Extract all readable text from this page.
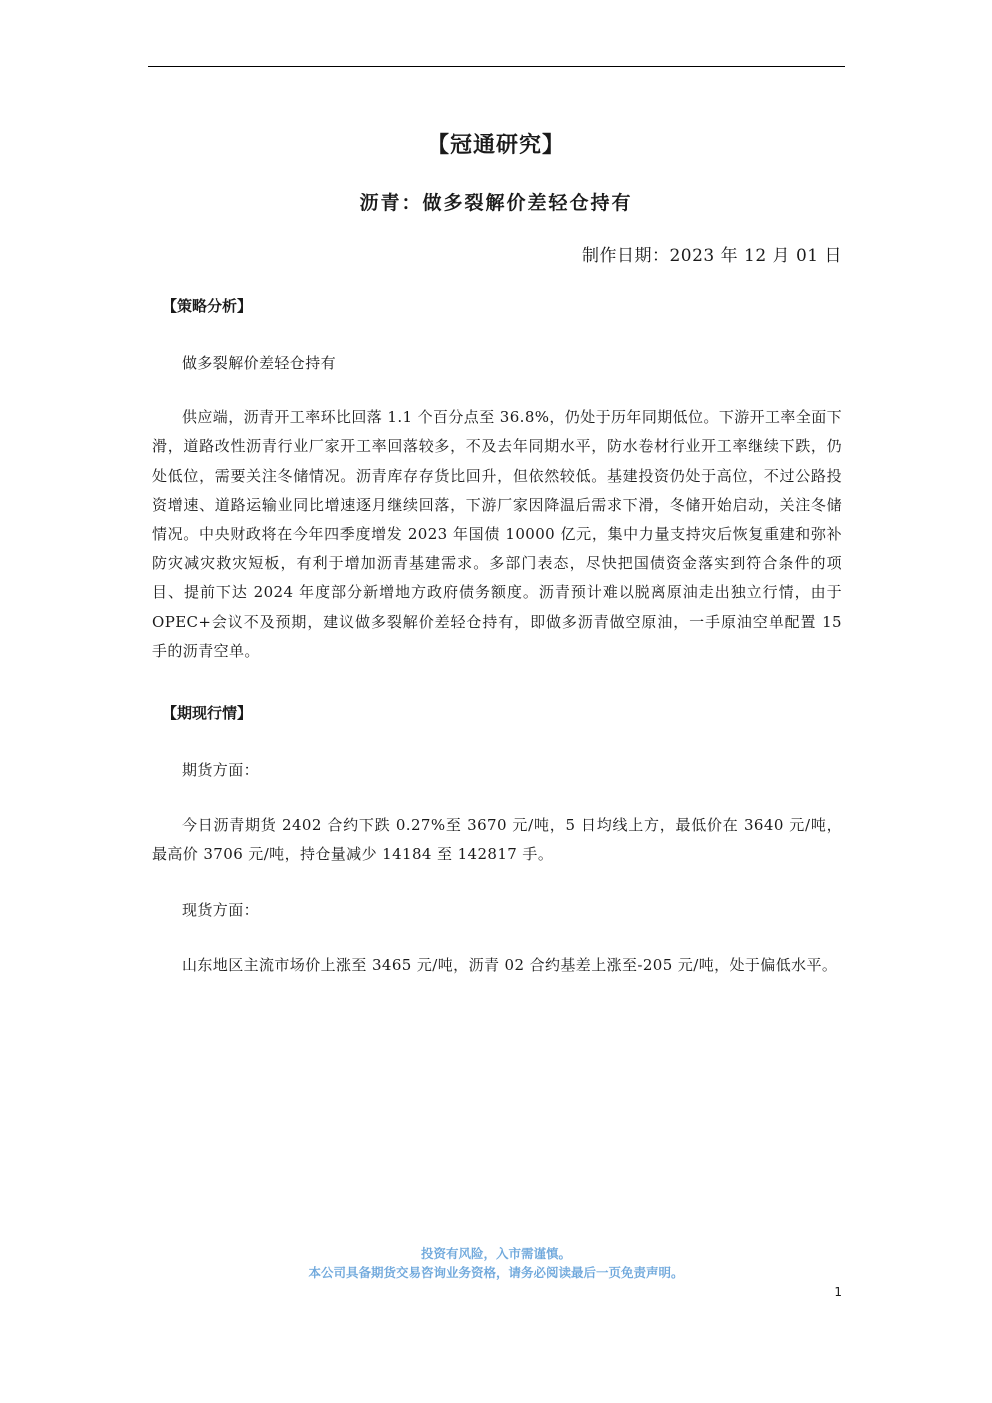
【冠通研究】
沥青：做多裂解价差轻仓持有
制作日期：2023 年 12 月 01 日
【策略分析】

做多裂解价差轻仓持有

供应端，沥青开工率环比回落 1.1 个百分点至 36.8%，仍处于历年同期低位。下游开工率全面下滑，道路改性沥青行业厂家开工率回落较多，不及去年同期水平，防水卷材行业开工率继续下跌，仍处低位，需要关注冬储情况。沥青库存存货比回升，但依然较低。基建投资仍处于高位，不过公路投资增速、道路运输业同比增速逐月继续回落，下游厂家因降温后需求下滑，冬储开始启动，关注冬储情况。中央财政将在今年四季度增发 2023 年国债 10000 亿元，集中力量支持灾后恢复重建和弥补防灾减灾救灾短板，有利于增加沥青基建需求。多部门表态，尽快把国债资金落实到符合条件的项目、提前下达 2024 年度部分新增地方政府债务额度。沥青预计难以脱离原油走出独立行情，由于 OPEC+会议不及预期，建议做多裂解价差轻仓持有，即做多沥青做空原油，一手原油空单配置 15 手的沥青空单。

【期现行情】

期货方面：

今日沥青期货 2402 合约下跌 0.27%至 3670 元/吨，5 日均线上方，最低价在 3640 元/吨，最高价 3706 元/吨，持仓量减少 14184 至 142817 手。

现货方面：

山东地区主流市场价上涨至 3465 元/吨，沥青 02 合约基差上涨至-205 元/吨，处于偏低水平。

投资有风险，入市需谨慎。
本公司具备期货交易咨询业务资格，请务必阅读最后一页免责声明。
1
